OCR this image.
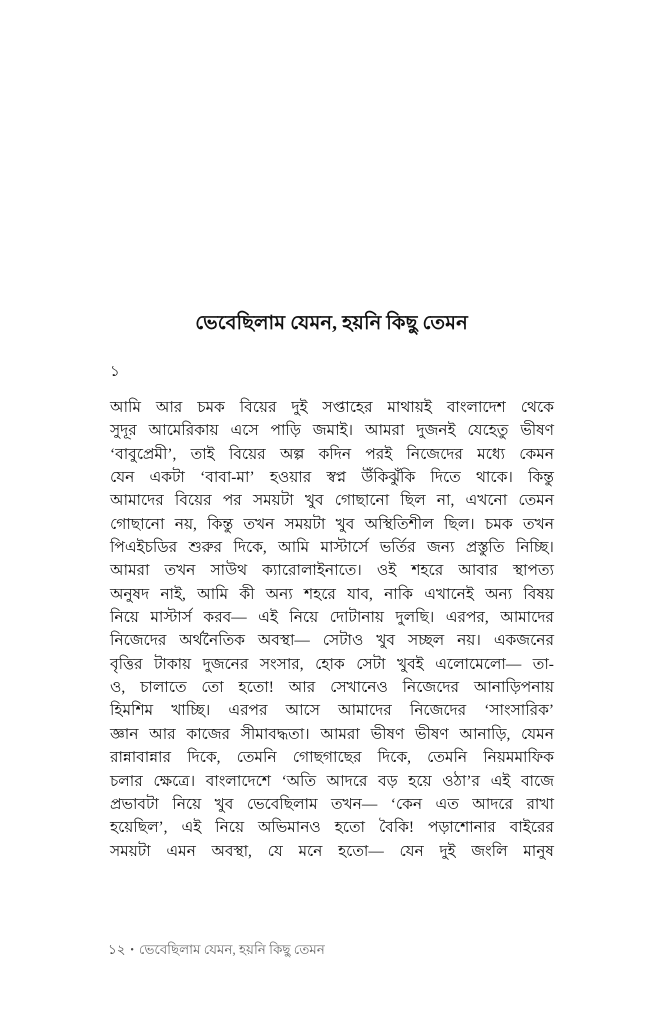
ভেবেছিলাম যেমন, হয়নি কিছু তেমন
১
আমি আর চমক বিয়ের দুই সপ্তাহের মাথায়ই বাংলাদেশ থেকে
সুদূর আমেরিকায় এসে পাড়ি জমাই। আমরা দুজনই যেহেতু ভীষণ
‘বাবুপ্রেমী’, তাই বিয়ের অল্প কদিন পরই নিজেদের মধ্যে কেমন
যেন একটা ‘বাবা-মা’ হওয়ার স্বপ্ন উঁকিঝুঁকি দিতে থাকে। কিন্তু
আমাদের বিয়ের পর সময়টা খুব গোছানো ছিল না, এখনো তেমন
গোছানো নয়, কিন্তু তখন সময়টা খুব অস্থিতিশীল ছিল। চমক তখন
পিএইচডির শুরুর দিকে, আমি মাস্টার্সে ভর্তির জন্য প্রস্তুতি নিচ্ছি।
আমরা তখন সাউথ ক্যারোলাইনাতে। ওই শহরে আবার স্থাপত্য
অনুষদ নাই, আমি কী অন্য শহরে যাব, নাকি এখানেই অন্য বিষয়
নিয়ে মাস্টার্স করব— এই নিয়ে দোটানায় দুলছি। এরপর, আমাদের
নিজেদের অর্থনৈতিক অবস্থা— সেটাও খুব সচ্ছল নয়। একজনের
বৃত্তির টাকায় দুজনের সংসার, হোক সেটা খুবই এলোমেলো— তা-
ও, চালাতে তো হতো! আর সেখানেও নিজেদের আনাড়িপনায়
হিমশিম খাচ্ছি। এরপর আসে আমাদের নিজেদের ‘সাংসারিক’
জ্ঞান আর কাজের সীমাবদ্ধতা। আমরা ভীষণ ভীষণ আনাড়ি, যেমন
রান্নাবান্নার দিকে, তেমনি গোছগাছের দিকে, তেমনি নিয়মমাফিক
চলার ক্ষেত্রে। বাংলাদেশে ‘অতি আদরে বড় হয়ে ওঠা’র এই বাজে
প্রভাবটা নিয়ে খুব ভেবেছিলাম তখন— ‘কেন এত আদরে রাখা
হয়েছিল’, এই নিয়ে অভিমানও হতো বৈকি! পড়াশোনার বাইরের
সময়টা এমন অবস্থা, যে মনে হতো— যেন দুই জংলি মানুষ
১২ • ভেবেছিলাম যেমন, হয়নি কিছু তেমন
